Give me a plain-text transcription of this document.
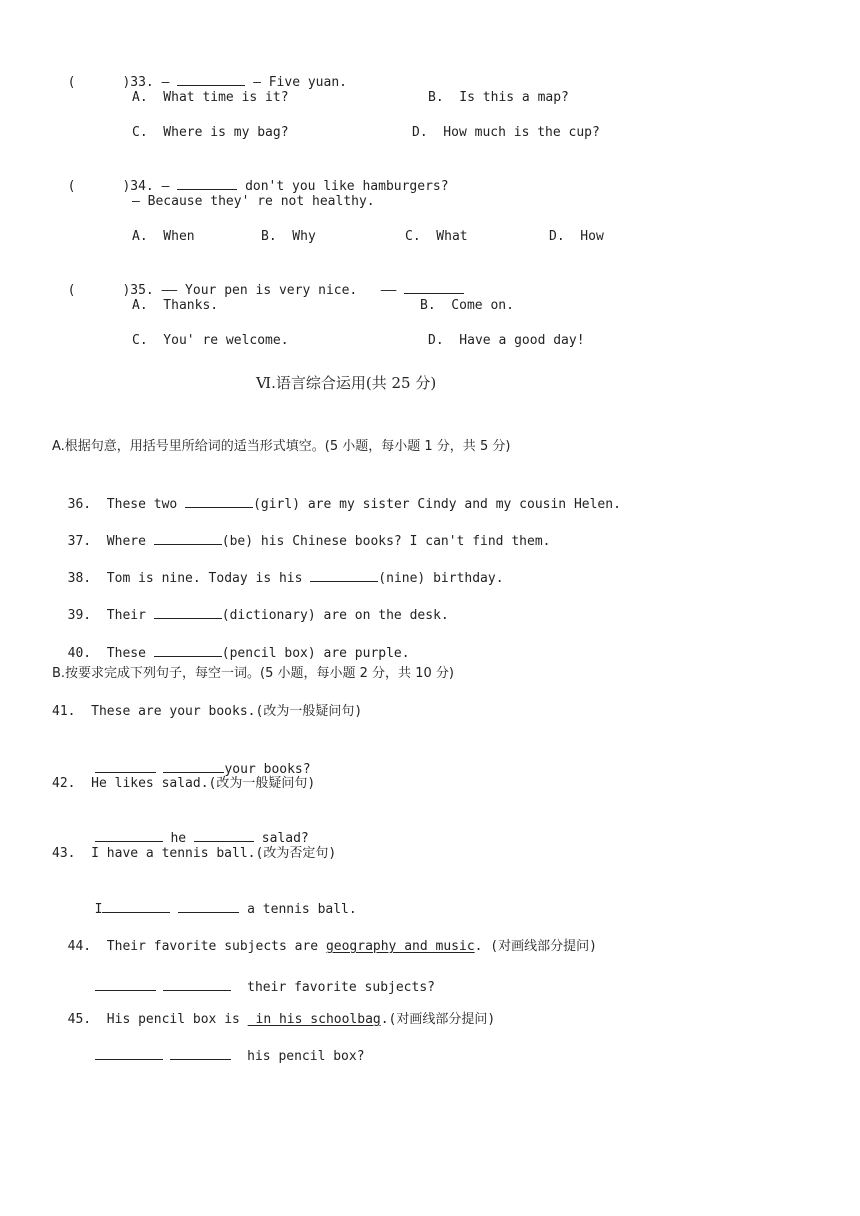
(      )33. —	— Five yuan.

A.  What time is it?	B.  Is this a map?
C.  Where is my bag?	D.  How much is the cup?

(      )34. —	don't you like hamburgers?

— Because they' re not healthy.
A.  When	B.  Why	C.  What	D.  How

(      )35. —— Your pen is very nice.   ——

A.  Thanks.	B.  Come on.
C.  You' re welcome.	D.  Have a good day!
Ⅵ.语言综合运用(共 25 分)
A.根据句意，用括号里所给词的适当形式填空。(5 小题，每小题 1 分，共 5 分)

36.  These two	(girl) are my sister Cindy and my cousin Helen.

37.  Where	(be) his Chinese books? I can't find them.

38.  Tom is nine. Today is his	(nine) birthday.

39.  Their	(dictionary) are on the desk.

40.  These	(pencil box) are purple.

B.按要求完成下列句子，每空一词。(5 小题，每小题 2 分，共 10 分)
41.  These are your books.(改为一般疑问句)

your books?

42.  He likes salad.(改为一般疑问句)

he	salad?

43.  I have a tennis ball.(改为否定句)

I	a tennis ball.

44.  Their favorite subjects are geography and music. (对画线部分提问)

their favorite subjects?

45.  His pencil box is  in his schoolbag.(对画线部分提问)

his pencil box?
